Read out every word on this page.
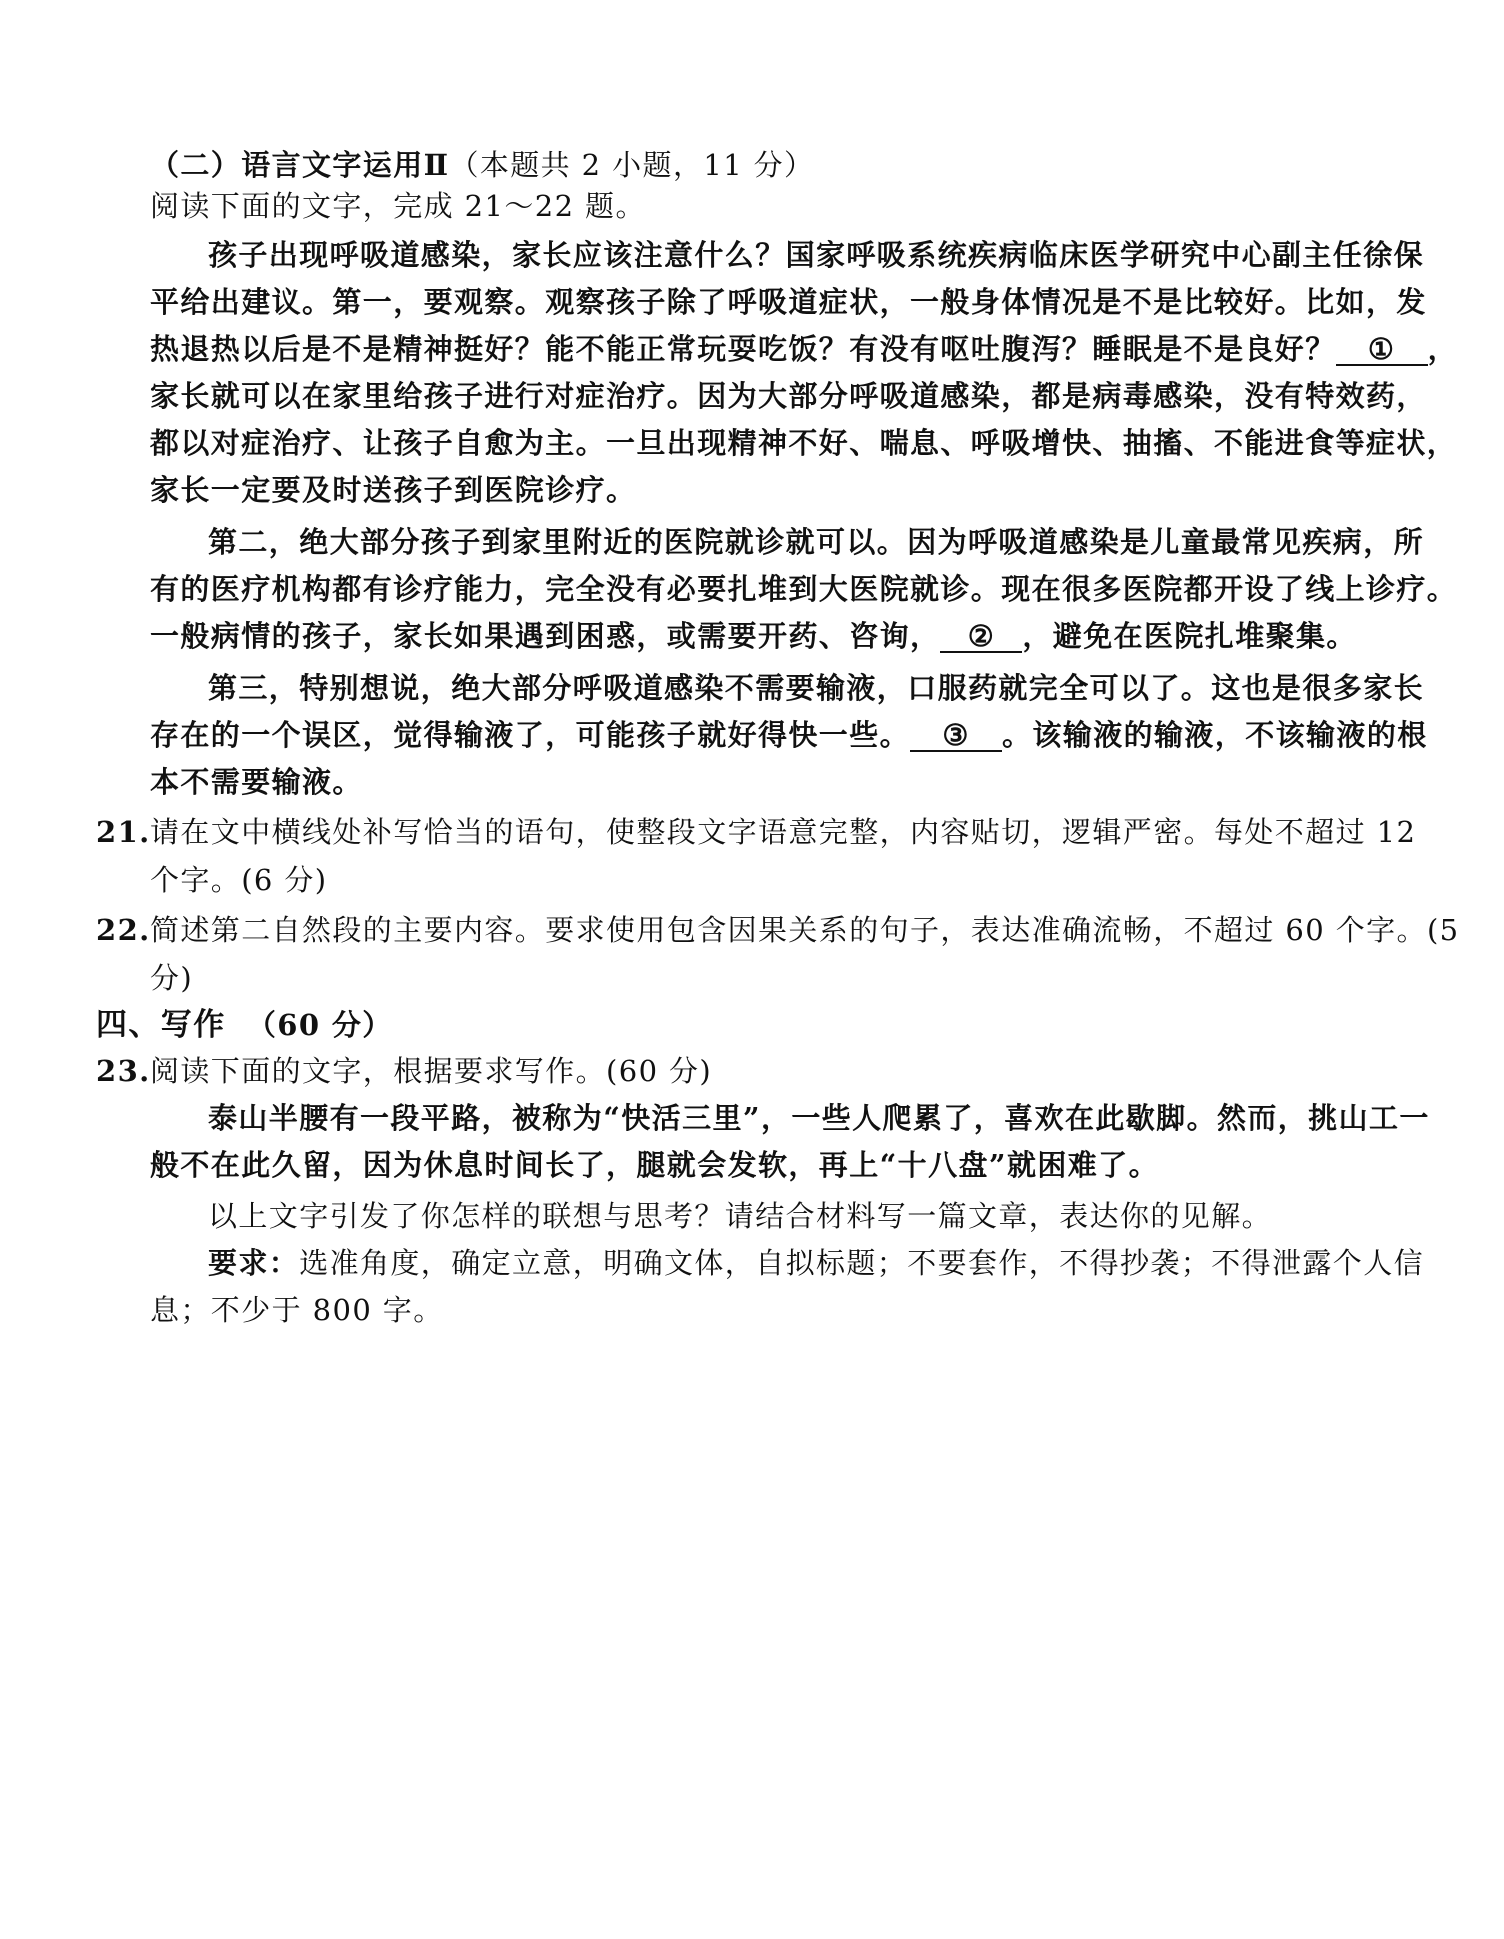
（二）语言文字运用Ⅱ（本题共 2 小题，11 分）
阅读下面的文字，完成 21～22 题。
孩子出现呼吸道感染，家长应该注意什么？国家呼吸系统疾病临床医学研究中心副主任徐保
平给出建议。第一，要观察。观察孩子除了呼吸道症状，一般身体情况是不是比较好。比如，发
热退热以后是不是精神挺好？能不能正常玩耍吃饭？有没有呕吐腹泻？睡眠是不是良好？ ① ，
家长就可以在家里给孩子进行对症治疗。因为大部分呼吸道感染，都是病毒感染，没有特效药，
都以对症治疗、让孩子自愈为主。一旦出现精神不好、喘息、呼吸增快、抽搐、不能进食等症状，
家长一定要及时送孩子到医院诊疗。
第二，绝大部分孩子到家里附近的医院就诊就可以。因为呼吸道感染是儿童最常见疾病，所
有的医疗机构都有诊疗能力，完全没有必要扎堆到大医院就诊。现在很多医院都开设了线上诊疗。
一般病情的孩子，家长如果遇到困惑，或需要开药、咨询， ② ，避免在医院扎堆聚集。
第三，特别想说，绝大部分呼吸道感染不需要输液，口服药就完全可以了。这也是很多家长
存在的一个误区，觉得输液了，可能孩子就好得快一些。 ③ 。该输液的输液，不该输液的根
本不需要输液。
21.请在文中横线处补写恰当的语句，使整段文字语意完整，内容贴切，逻辑严密。每处不超过 12
个字。(6 分)
22.简述第二自然段的主要内容。要求使用包含因果关系的句子，表达准确流畅，不超过 60 个字。(5
分)
四、写作 （60 分）
23.阅读下面的文字，根据要求写作。(60 分)
泰山半腰有一段平路，被称为“快活三里”，一些人爬累了，喜欢在此歇脚。然而，挑山工一
般不在此久留，因为休息时间长了，腿就会发软，再上“十八盘”就困难了。
以上文字引发了你怎样的联想与思考？请结合材料写一篇文章，表达你的见解。
要求：选准角度，确定立意，明确文体，自拟标题；不要套作，不得抄袭；不得泄露个人信
息；不少于 800 字。
